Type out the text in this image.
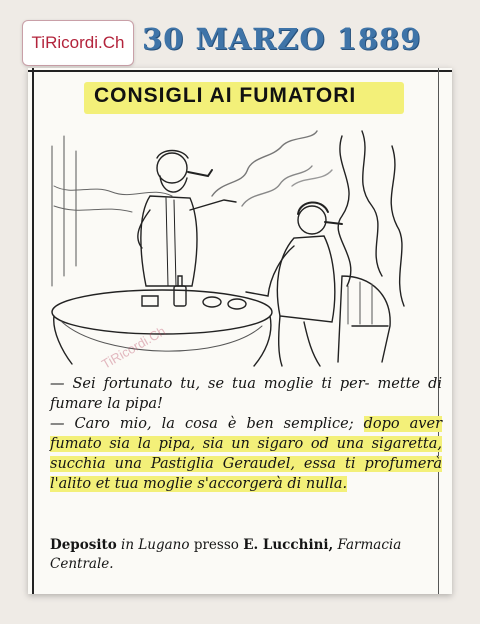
TiRicordi.Ch 30 MARZO 1889
CONSIGLI AI FUMATORI
TiRicordi.Ch

— Sei fortunato tu, se tua moglie ti per- mette di fumare la pipa!

— Caro mio, la cosa è ben semplice; dopo aver fumato sia la pipa, sia un sigaro od una sigaretta, succhia una Pastiglia Geraudel, essa ti profumerà l'alito et tua moglie s'accorgerà di nulla.

Deposito in Lugano presso E. Lucchini, Farmacia Centrale.
